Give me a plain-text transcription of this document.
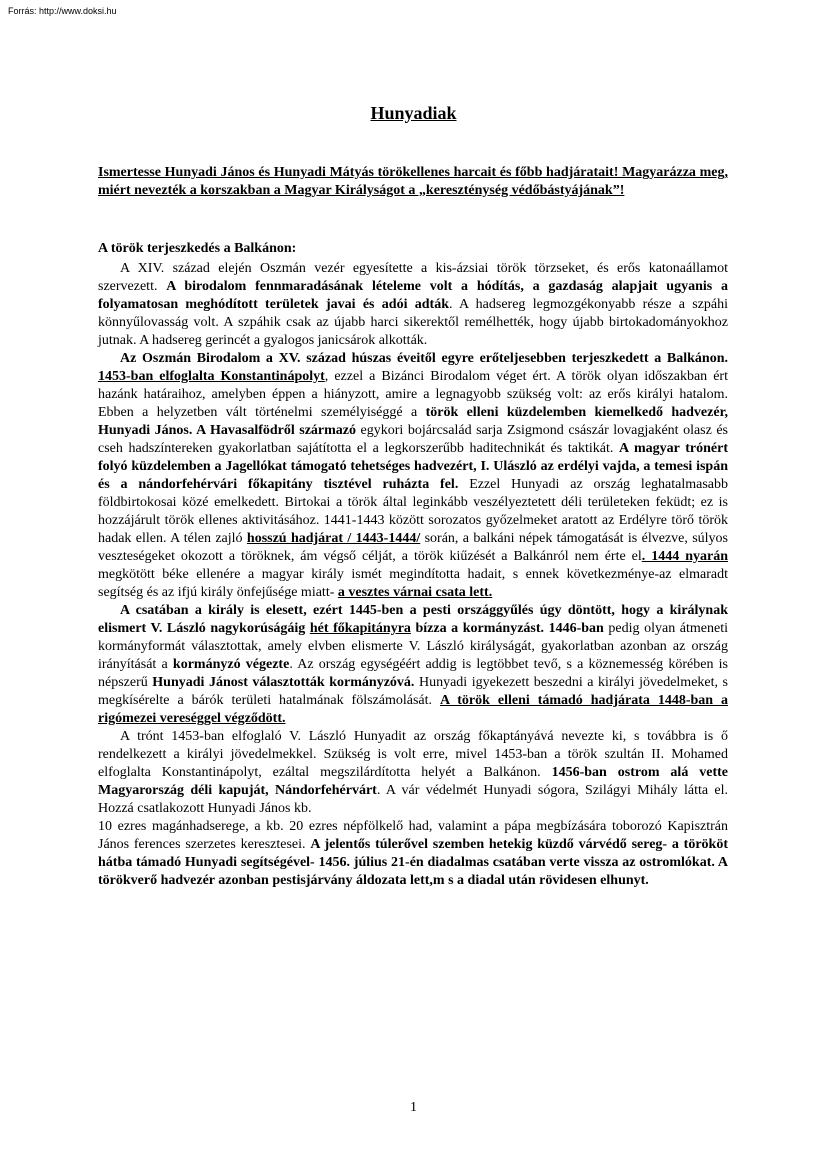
Forrás: http://www.doksi.hu
Hunyadiak
Ismertesse Hunyadi János és Hunyadi Mátyás törökellenes harcait és főbb hadjáratait! Magyarázza meg, miért nevezték a korszakban a Magyar Királyságot a „kereszténység védőbástyájának”!
A török terjeszkedés a Balkánon:

A XIV. század elején Oszmán vezér egyesítette a kis-ázsiai török törzseket, és erős katonaállamot szervezett. A birodalom fennmaradásának lételeme volt a hódítás, a gazdaság alapjait ugyanis a folyamatosan meghódított területek javai és adói adták. A hadsereg legmozgékonyabb része a szpáhi könnyűlovasság volt. A szpáhik csak az újabb harci sikerektől remélhették, hogy újabb birtokadományokhoz jutnak. A hadsereg gerincét a gyalogos janicsárok alkották.

Az Oszmán Birodalom a XV. század húszas éveitől egyre erőteljesebben terjeszkedett a Balkánon. 1453-ban elfoglalta Konstantinápolyt, ezzel a Bizánci Birodalom véget ért. A török olyan időszakban ért hazánk határaihoz, amelyben éppen a hiányzott, amire a legnagyobb szükség volt: az erős királyi hatalom. Ebben a helyzetben vált történelmi személyiséggé a török elleni küzdelemben kiemelkedő hadvezér, Hunyadi János. A Havasalfödről származó egykori bojárcsalád sarja Zsigmond császár lovagjaként olasz és cseh hadszíntereken gyakorlatban sajátította el a legkorszerűbb haditechnikát és taktikát. A magyar trónért folyó küzdelemben a Jagellókat támogató tehetséges hadvezért, I. Ulászló az erdélyi vajda, a temesi ispán és a nándorfehérvári főkapitány tisztével ruházta fel. Ezzel Hunyadi az ország leghatalmasabb földbirtokosai közé emelkedett. Birtokai a török által leginkább veszélyeztetett déli területeken feküdt; ez is hozzájárult török ellenes aktivitásához. 1441-1443 között sorozatos győzelmeket aratott az Erdélyre törő török hadak ellen. A télen zajló hosszú hadjárat / 1443-1444/ során, a balkáni népek támogatását is élvezve, súlyos veszteségeket okozott a töröknek, ám végső célját, a török kiűzését a Balkánról nem érte el. 1444 nyarán megkötött béke ellenére a magyar király ismét megindította hadait, s ennek következménye-az elmaradt segítség és az ifjú király önfejűsége miatt- a vesztes várnai csata lett.

A csatában a király is elesett, ezért 1445-ben a pesti országgyűlés úgy döntött, hogy a királynak elismert V. László nagykorúságáig hét főkapitányra bízza a kormányzást. 1446-ban pedig olyan átmeneti kormányformát választottak, amely elvben elismerte V. László királyságát, gyakorlatban azonban az ország irányítását a kormányzó végezte. Az ország egységéért addig is legtöbbet tevő, s a köznemesség körében is népszerű Hunyadi Jánost választották kormányzóvá. Hunyadi igyekezett beszedni a királyi jövedelmeket, s megkísérelte a bárók területi hatalmának fölszámolását. A török elleni támadó hadjárata 1448-ban a rigómezei vereséggel végződött.

A trónt 1453-ban elfoglaló V. László Hunyadit az ország főkaptányává nevezte ki, s továbbra is ő rendelkezett a királyi jövedelmekkel. Szükség is volt erre, mivel 1453-ban a török szultán II. Mohamed elfoglalta Konstantinápolyt, ezáltal megszilárdította helyét a Balkánon. 1456-ban ostrom alá vette Magyarország déli kapuját, Nándorfehérvárt. A vár védelmét Hunyadi sógora, Szilágyi Mihály látta el. Hozzá csatlakozott Hunyadi János kb.

10 ezres magánhadserege, a kb. 20 ezres népfölkelő had, valamint a pápa megbízására toborozó Kapisztrán János ferences szerzetes keresztesei. A jelentős túlerővel szemben hetekig küzdő várvédő sereg- a törököt hátba támadó Hunyadi segítségével- 1456. július 21-én diadalmas csatában verte vissza az ostromlókat. A törökverő hadvezér azonban pestisjárvány áldozata lett,m s a diadal után rövidesen elhunyt.

1
